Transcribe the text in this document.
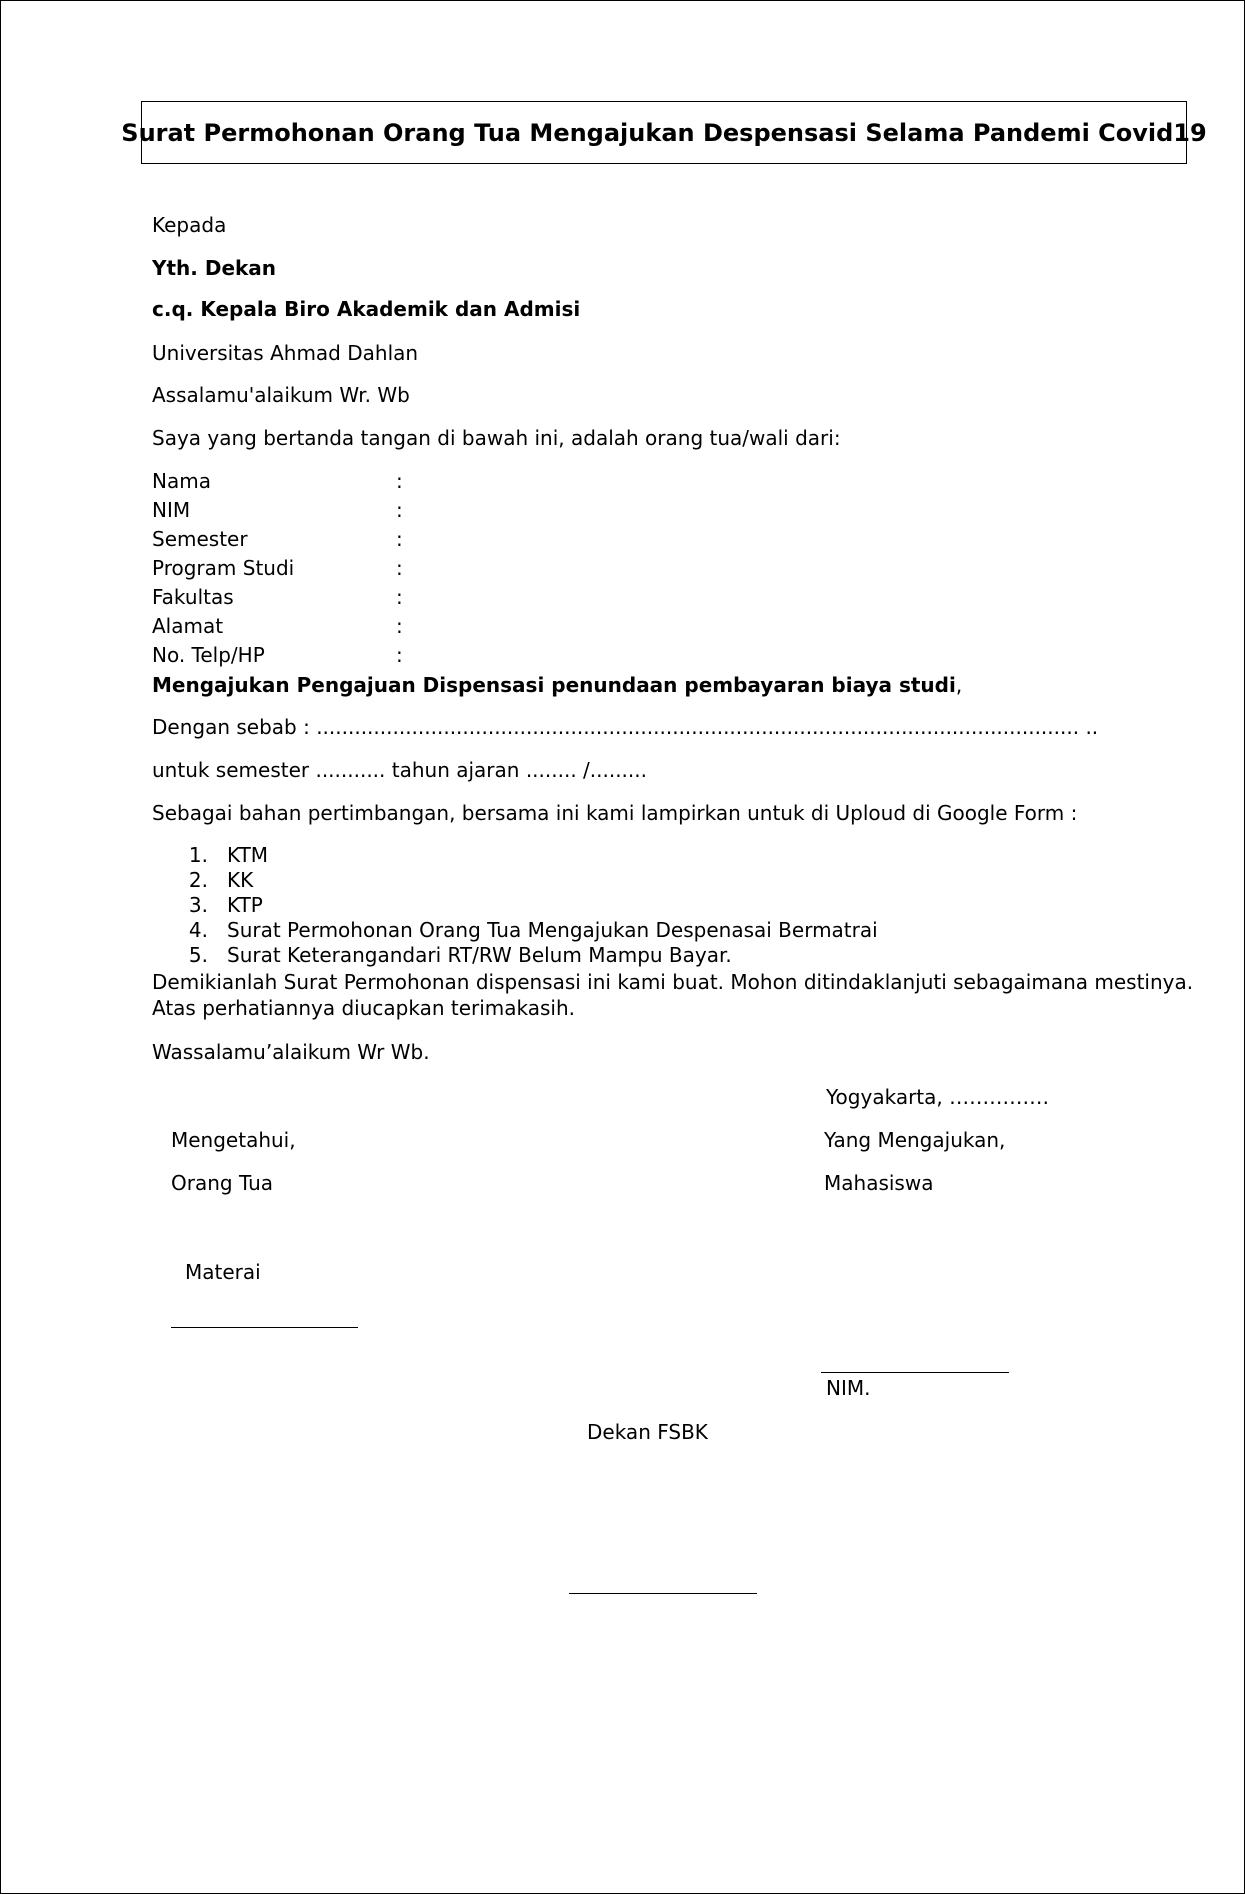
Surat Permohonan Orang Tua Mengajukan Despensasi Selama Pandemi Covid19
Kepada
Yth. Dekan
c.q. Kepala Biro Akademik dan Admisi
Universitas Ahmad Dahlan
Assalamu'alaikum Wr. Wb
Saya yang bertanda tangan di bawah ini, adalah orang tua/wali dari:
Nama	:
NIM	:
Semester	:
Program Studi	:
Fakultas	:
Alamat	:
No. Telp/HP	:
Mengajukan Pengajuan Dispensasi penundaan pembayaran biaya studi,
Dengan sebab : ........................................................................................................................ ..
untuk semester ........... tahun ajaran ........ /.........
Sebagai bahan pertimbangan, bersama ini kami lampirkan untuk di Uploud di Google Form :
1. KTM
2. KK
3. KTP
4. Surat Permohonan Orang Tua Mengajukan Despenasai Bermatrai
5. Surat Keterangandari RT/RW Belum Mampu Bayar.
Demikianlah Surat Permohonan dispensasi ini kami buat. Mohon ditindaklanjuti sebagaimana mestinya.
Atas perhatiannya diucapkan terimakasih.
Wassalamu’alaikum Wr Wb.
Yogyakarta, ……………
Mengetahui,	Yang Mengajukan,
Orang Tua	Mahasiswa
Materai
NIM.
Dekan FSBK
